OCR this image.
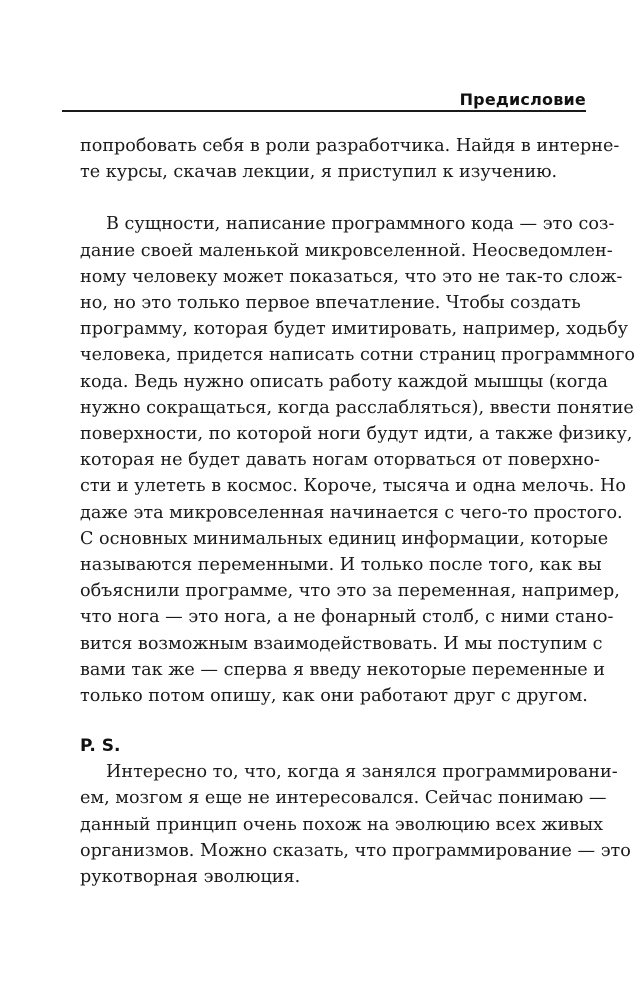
Предисловие
попробовать себя в роли разработчика. Найдя в интерне-
те курсы, скачав лекции, я приступил к изучению.
В сущности, написание программного кода — это соз-
дание своей маленькой микровселенной. Неосведомлен-
ному человеку может показаться, что это не так-то слож-
но, но это только первое впечатление. Чтобы создать
программу, которая будет имитировать, например, ходьбу
человека, придется написать сотни страниц программного
кода. Ведь нужно описать работу каждой мышцы (когда
нужно сокращаться, когда расслабляться), ввести понятие
поверхности, по которой ноги будут идти, а также физику,
которая не будет давать ногам оторваться от поверхно-
сти и улететь в космос. Короче, тысяча и одна мелочь. Но
даже эта микровселенная начинается с чего-то простого.
С основных минимальных единиц информации, которые
называются переменными. И только после того, как вы
объяснили программе, что это за переменная, например,
что нога — это нога, а не фонарный столб, с ними стано-
вится возможным взаимодействовать. И мы поступим с
вами так же — сперва я введу некоторые переменные и
только потом опишу, как они работают друг с другом.
P. S.
Интересно то, что, когда я занялся программировани-
ем, мозгом я еще не интересовался. Сейчас понимаю —
данный принцип очень похож на эволюцию всех живых
организмов. Можно сказать, что программирование — это
рукотворная эволюция.
